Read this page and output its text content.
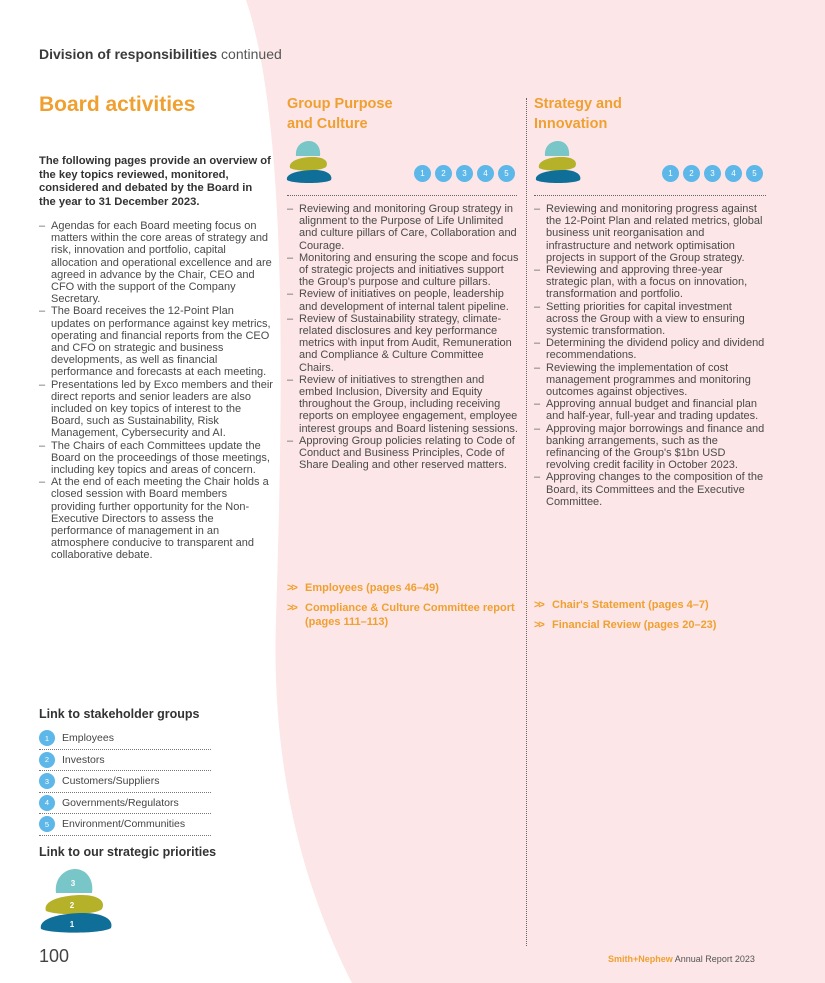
Division of responsibilities continued
Board activities
The following pages provide an overview of the key topics reviewed, monitored, considered and debated by the Board in the year to 31 December 2023.
– Agendas for each Board meeting focus on matters within the core areas of strategy and risk, innovation and portfolio, capital allocation and operational excellence and are agreed in advance by the Chair, CEO and CFO with the support of the Company Secretary.
– The Board receives the 12-Point Plan updates on performance against key metrics, operating and financial reports from the CEO and CFO on strategic and business developments, as well as financial performance and forecasts at each meeting.
– Presentations led by Exco members and their direct reports and senior leaders are also included on key topics of interest to the Board, such as Sustainability, Risk Management, Cybersecurity and AI.
– The Chairs of each Committees update the Board on the proceedings of those meetings, including key topics and areas of concern.
– At the end of each meeting the Chair holds a closed session with Board members providing further opportunity for the Non-Executive Directors to assess the performance of management in an atmosphere conducive to transparent and collaborative debate.
Group Purpose
and Culture
1	2	3	4	5
– Reviewing and monitoring Group strategy in alignment to the Purpose of Life Unlimited and culture pillars of Care, Collaboration and Courage.
– Monitoring and ensuring the scope and focus of strategic projects and initiatives support the Group's purpose and culture pillars.
– Review of initiatives on people, leadership and development of internal talent pipeline.
– Review of Sustainability strategy, climate-related disclosures and key performance metrics with input from Audit, Remuneration and Compliance & Culture Committee Chairs.
– Review of initiatives to strengthen and embed Inclusion, Diversity and Equity throughout the Group, including receiving reports on employee engagement, employee interest groups and Board listening sessions.
– Approving Group policies relating to Code of Conduct and Business Principles, Code of Share Dealing and other reserved matters.
>> Employees (pages 46–49)
>> Compliance & Culture Committee report (pages 111–113)
Strategy and
Innovation
1	2	3	4	5
– Reviewing and monitoring progress against the 12-Point Plan and related metrics, global business unit reorganisation and infrastructure and network optimisation projects in support of the Group strategy.
– Reviewing and approving three-year strategic plan, with a focus on innovation, transformation and portfolio.
– Setting priorities for capital investment across the Group with a view to ensuring systemic transformation.
– Determining the dividend policy and dividend recommendations.
– Reviewing the implementation of cost management programmes and monitoring outcomes against objectives.
– Approving annual budget and financial plan and half-year, full-year and trading updates.
– Approving major borrowings and finance and banking arrangements, such as the refinancing of the Group's $1bn USD revolving credit facility in October 2023.
– Approving changes to the composition of the Board, its Committees and the Executive Committee.
>> Chair's Statement (pages 4–7)
>> Financial Review (pages 20–23)
Link to stakeholder groups
1	Employees
2	Investors
3	Customers/Suppliers
4	Governments/Regulators
5	Environment/Communities
Link to our strategic priorities
3
2
1
100	Smith+Nephew Annual Report 2023
